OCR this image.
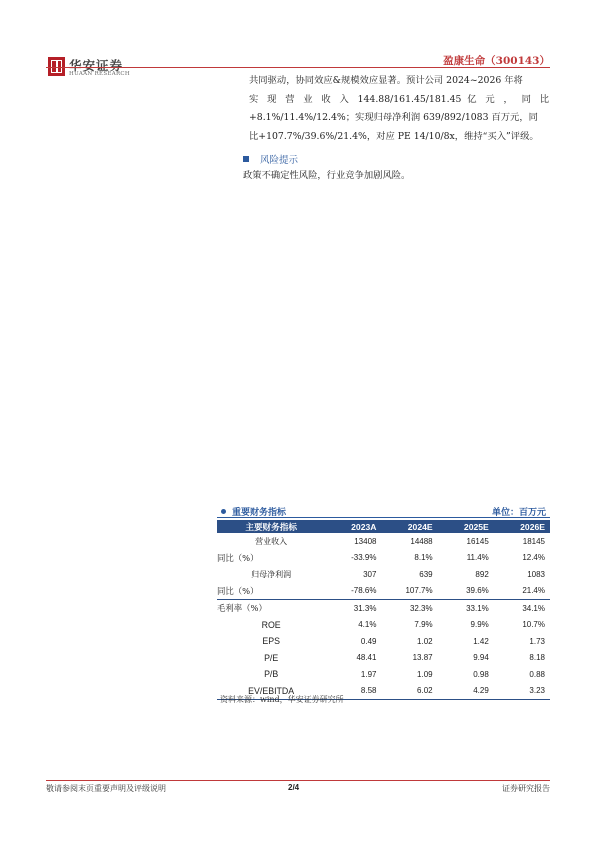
华安证券
HUAAN RESEARCH
盈康生命（300143）
共同驱动，协同效应&规模效应显著。预计公司 2024~2026 年将
实 现 营 业 收 入 144.88/161.45/181.45 亿 元 ， 同 比
+8.1%/11.4%/12.4%；实现归母净利润 639/892/1083 百万元，同
比+107.7%/39.6%/21.4%，对应 PE 14/10/8x，维持“买入”评级。
风险提示
政策不确定性风险，行业竞争加剧风险。
重要财务指标	单位：百万元
主要财务指标	2023A	2024E	2025E	2026E
营业收入	13408	14488	16145	18145
同比（%）	-33.9%	8.1%	11.4%	12.4%
归母净利润	307	639	892	1083
同比（%）	-78.6%	107.7%	39.6%	21.4%
毛利率（%）	31.3%	32.3%	33.1%	34.1%
ROE	4.1%	7.9%	9.9%	10.7%
EPS	0.49	1.02	1.42	1.73
P/E	48.41	13.87	9.94	8.18
P/B	1.97	1.09	0.98	0.88
EV/EBITDA	8.58	6.02	4.29	3.23
资料来源：wind，华安证券研究所
敬请参阅末页重要声明及评级说明	2/4	证券研究报告
